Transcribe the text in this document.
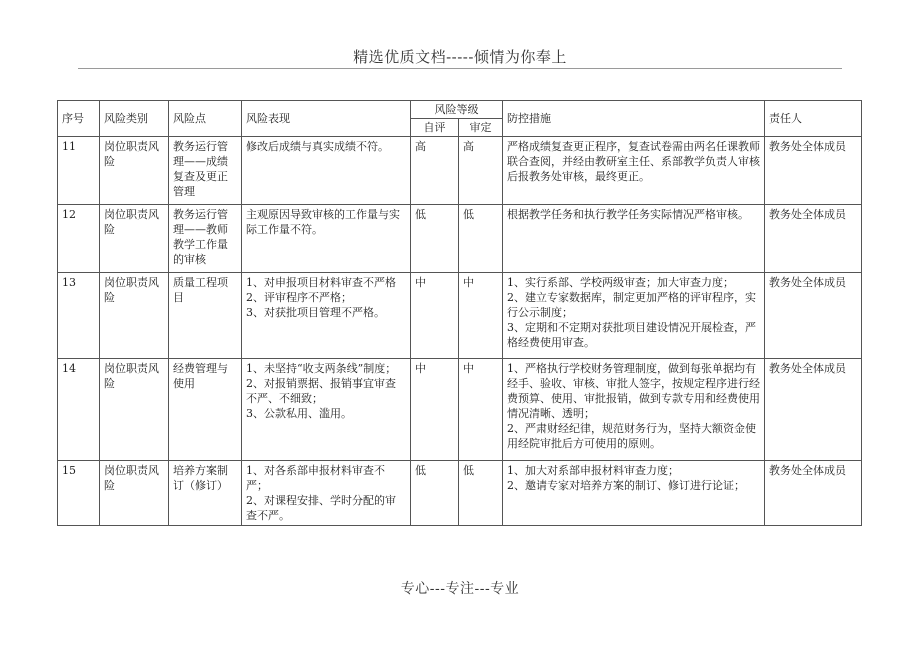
精选优质文档-----倾情为你奉上
序号	风险类别	风险点	风险表现	风险等级		防控措施	责任人
				自评	审定		
11	岗位职责风险	教务运行管理——成绩复查及更正管理	修改后成绩与真实成绩不符。	高	高	严格成绩复查更正程序，复查试卷需由两名任课教师联合查阅，并经由教研室主任、系部教学负责人审核后报教务处审核，最终更正。	教务处全体成员
12	岗位职责风险	教务运行管理——教师教学工作量的审核	主观原因导致审核的工作量与实际工作量不符。	低	低	根据教学任务和执行教学任务实际情况严格审核。	教务处全体成员
13	岗位职责风险	质量工程项目	1、对申报项目材料审查不严格
2、评审程序不严格；
3、对获批项目管理不严格。	中	中	1、实行系部、学校两级审查；加大审查力度；
2、建立专家数据库，制定更加严格的评审程序，实行公示制度；
3、定期和不定期对获批项目建设情况开展检查，严格经费使用审查。	教务处全体成员
14	岗位职责风险	经费管理与使用	1、未坚持“收支两条线”制度；
2、对报销票据、报销事宜审查不严、不细致；
3、公款私用、滥用。	中	中	1、严格执行学校财务管理制度，做到每张单据均有经手、验收、审核、审批人签字，按规定程序进行经费预算、使用、审批报销，做到专款专用和经费使用情况清晰、透明；
2、严肃财经纪律，规范财务行为，坚持大额资金使用经院审批后方可使用的原则。	教务处全体成员
15	岗位职责风险	培养方案制订（修订）	1、对各系部申报材料审查不严；
2、对课程安排、学时分配的审查不严。	低	低	1、加大对系部申报材料审查力度；
2、邀请专家对培养方案的制订、修订进行论证；	教务处全体成员
专心---专注---专业
